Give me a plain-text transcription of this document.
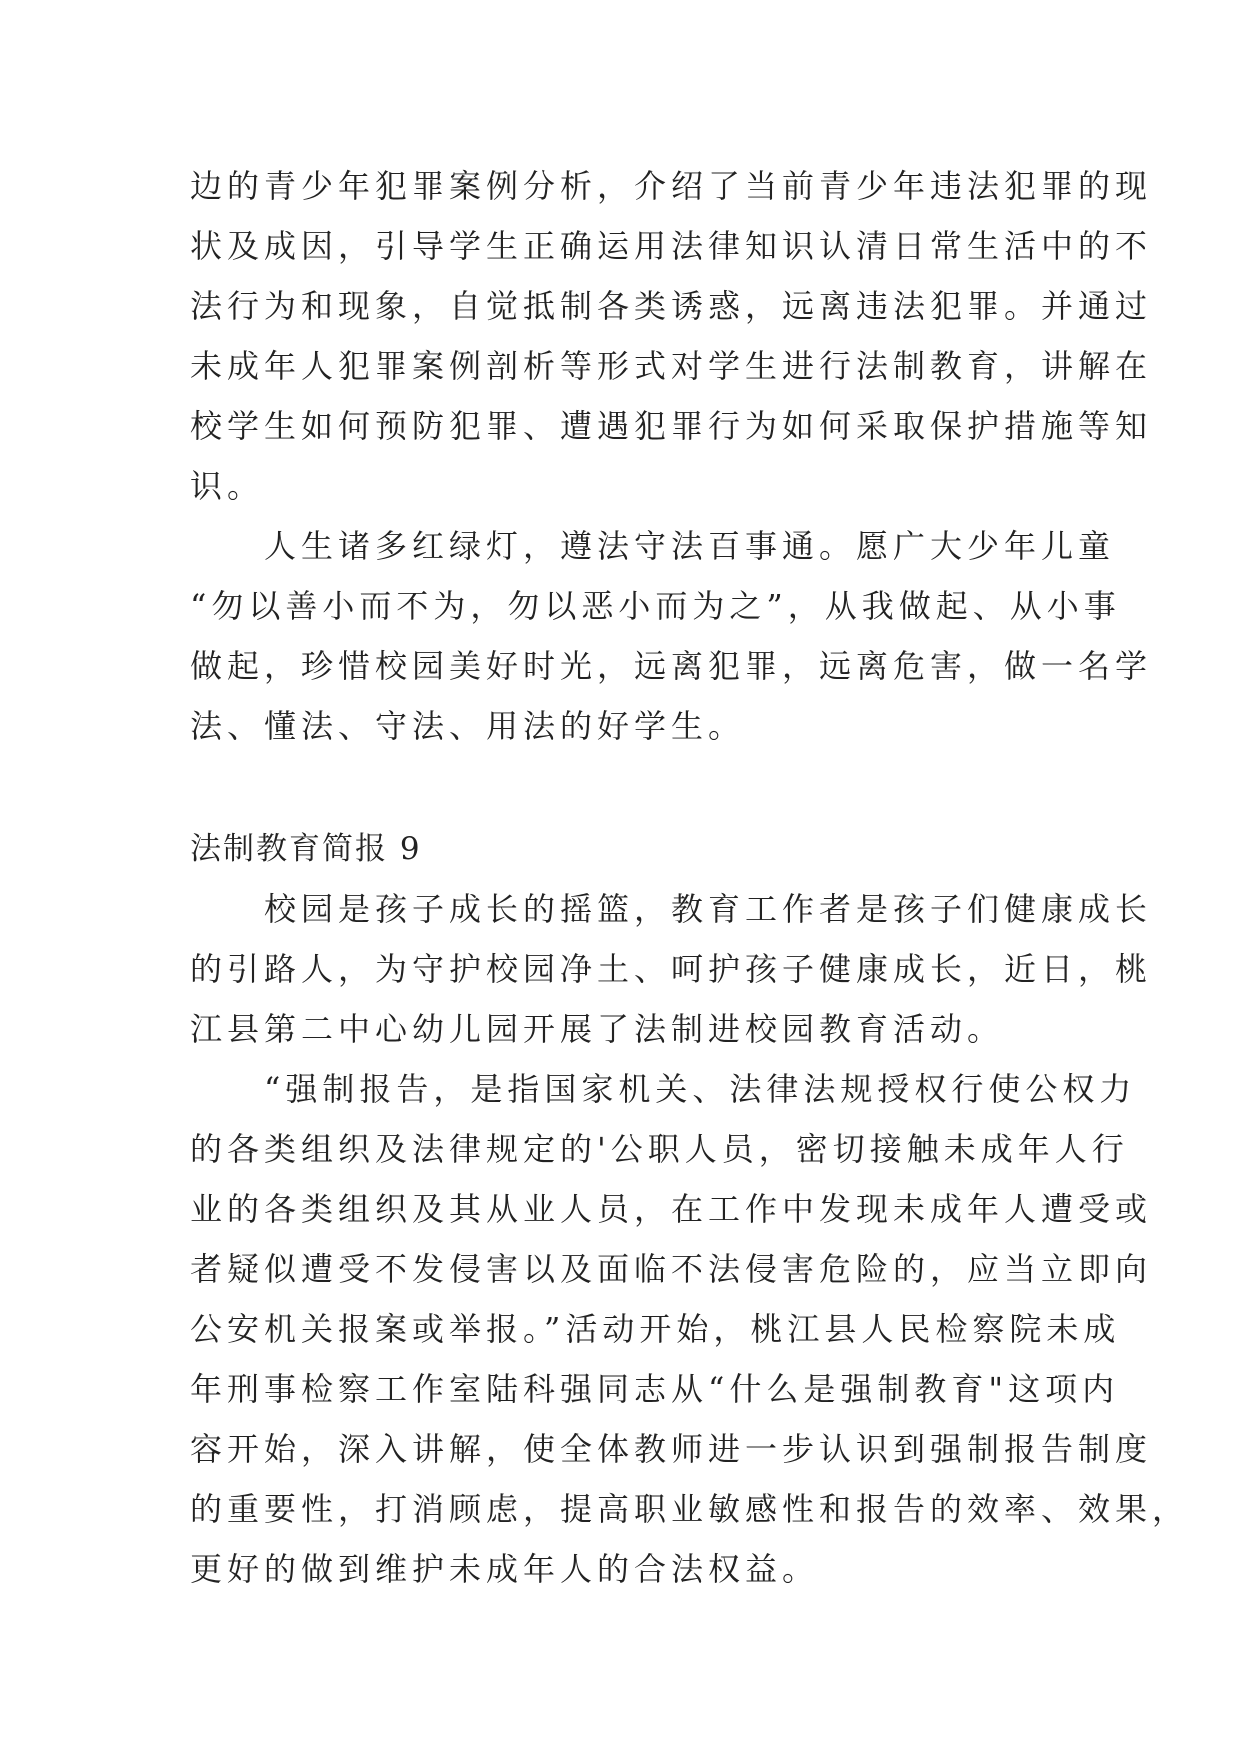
边的青少年犯罪案例分析，介绍了当前青少年违法犯罪的现
状及成因，引导学生正确运用法律知识认清日常生活中的不
法行为和现象，自觉抵制各类诱惑，远离违法犯罪。并通过
未成年人犯罪案例剖析等形式对学生进行法制教育，讲解在
校学生如何预防犯罪、遭遇犯罪行为如何采取保护措施等知
识。
　　人生诸多红绿灯，遵法守法百事通。愿广大少年儿童
“勿以善小而不为，勿以恶小而为之”，从我做起、从小事
做起，珍惜校园美好时光，远离犯罪，远离危害，做一名学
法、懂法、守法、用法的好学生。
法制教育简报 9
　　校园是孩子成长的摇篮，教育工作者是孩子们健康成长
的引路人，为守护校园净土、呵护孩子健康成长，近日，桃
江县第二中心幼儿园开展了法制进校园教育活动。
　　“强制报告，是指国家机关、法律法规授权行使公权力
的各类组织及法律规定的'公职人员，密切接触未成年人行
业的各类组织及其从业人员，在工作中发现未成年人遭受或
者疑似遭受不发侵害以及面临不法侵害危险的，应当立即向
公安机关报案或举报。”活动开始，桃江县人民检察院未成
年刑事检察工作室陆科强同志从“什么是强制教育"这项内
容开始，深入讲解，使全体教师进一步认识到强制报告制度
的重要性，打消顾虑，提高职业敏感性和报告的效率、效果，
更好的做到维护未成年人的合法权益。
